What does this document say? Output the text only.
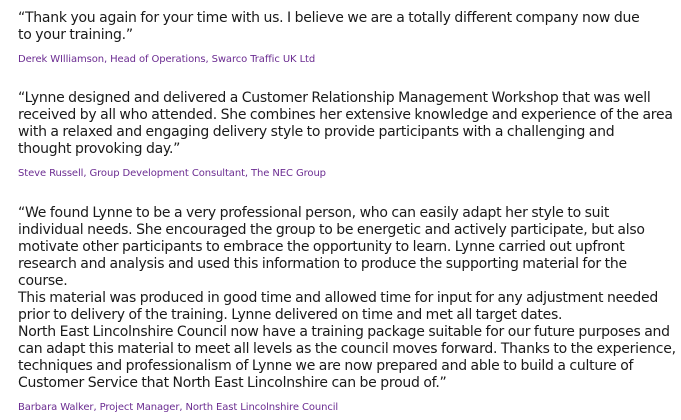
“Thank you again for your time with us. I believe we are a totally different company now due
to your training.”

Derek WIlliamson, Head of Operations, Swarco Traffic UK Ltd

“Lynne designed and delivered a Customer Relationship Management Workshop that was well
received by all who attended. She combines her extensive knowledge and experience of the area
with a relaxed and engaging delivery style to provide participants with a challenging and
thought provoking day.”

Steve Russell, Group Development Consultant, The NEC Group

“We found Lynne to be a very professional person, who can easily adapt her style to suit
individual needs. She encouraged the group to be energetic and actively participate, but also
motivate other participants to embrace the opportunity to learn. Lynne carried out upfront
research and analysis and used this information to produce the supporting material for the course.
This material was produced in good time and allowed time for input for any adjustment needed
prior to delivery of the training. Lynne delivered on time and met all target dates.
North East Lincolnshire Council now have a training package suitable for our future purposes and
can adapt this material to meet all levels as the council moves forward. Thanks to the experience,
techniques and professionalism of Lynne we are now prepared and able to build a culture of
Customer Service that North East Lincolnshire can be proud of.”

Barbara Walker, Project Manager, North East Lincolnshire Council
